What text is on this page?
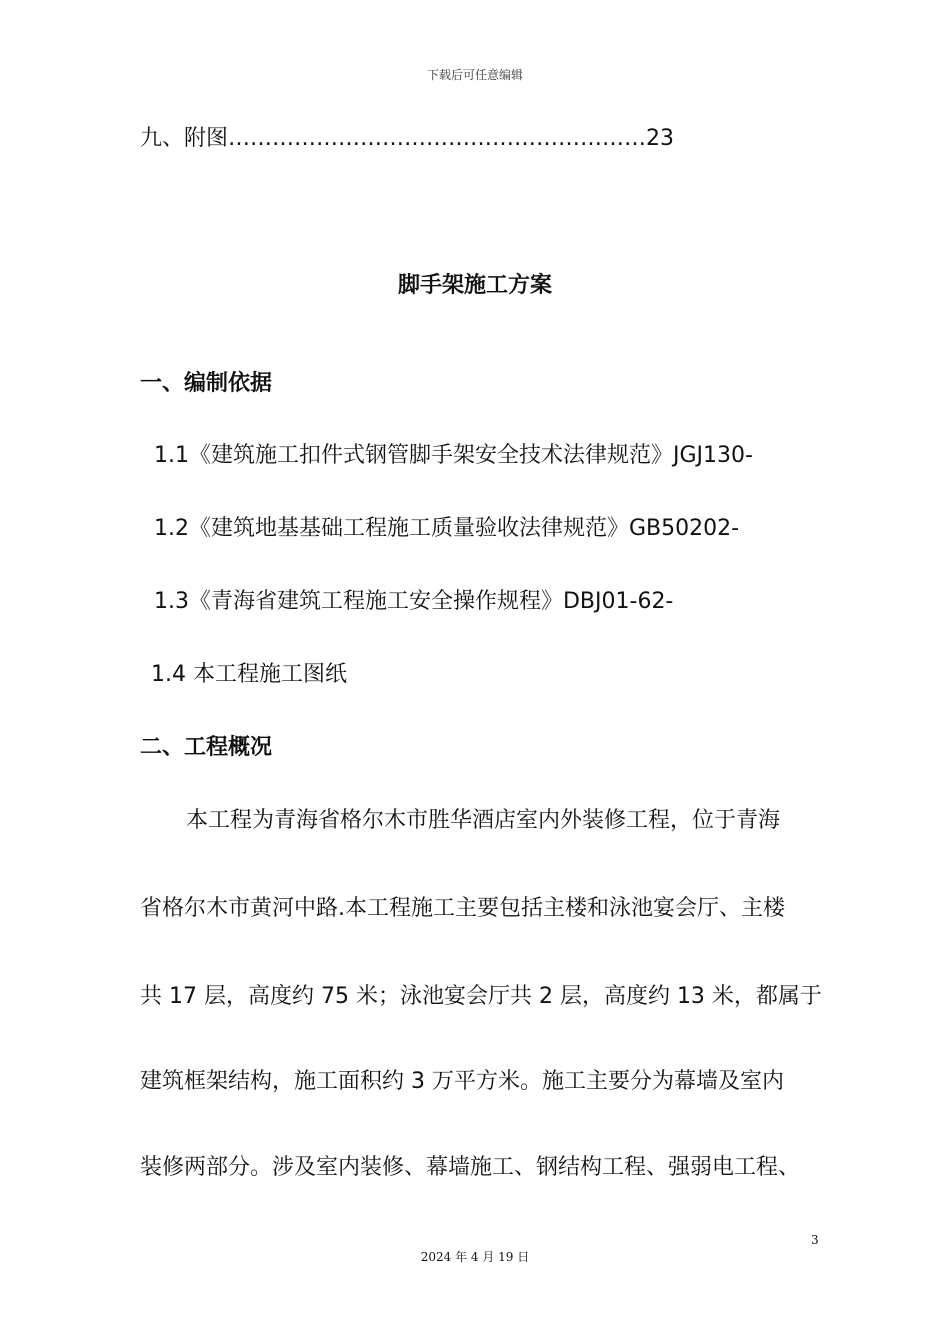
下载后可任意编辑
九、附图…………………………………………………23
脚手架施工方案
一、编制依据
1.1《建筑施工扣件式钢管脚手架安全技术法律规范》JGJ130-
1.2《建筑地基基础工程施工质量验收法律规范》GB50202-
1.3《青海省建筑工程施工安全操作规程》DBJ01-62-
1.4 本工程施工图纸
二、工程概况
本工程为青海省格尔木市胜华酒店室内外装修工程，位于青海
省格尔木市黄河中路.本工程施工主要包括主楼和泳池宴会厅、主楼
共 17 层，高度约 75 米；泳池宴会厅共 2 层，高度约 13 米，都属于
建筑框架结构，施工面积约 3 万平方米。施工主要分为幕墙及室内
装修两部分。涉及室内装修、幕墙施工、钢结构工程、强弱电工程、
3
2024 年 4 月 19 日
